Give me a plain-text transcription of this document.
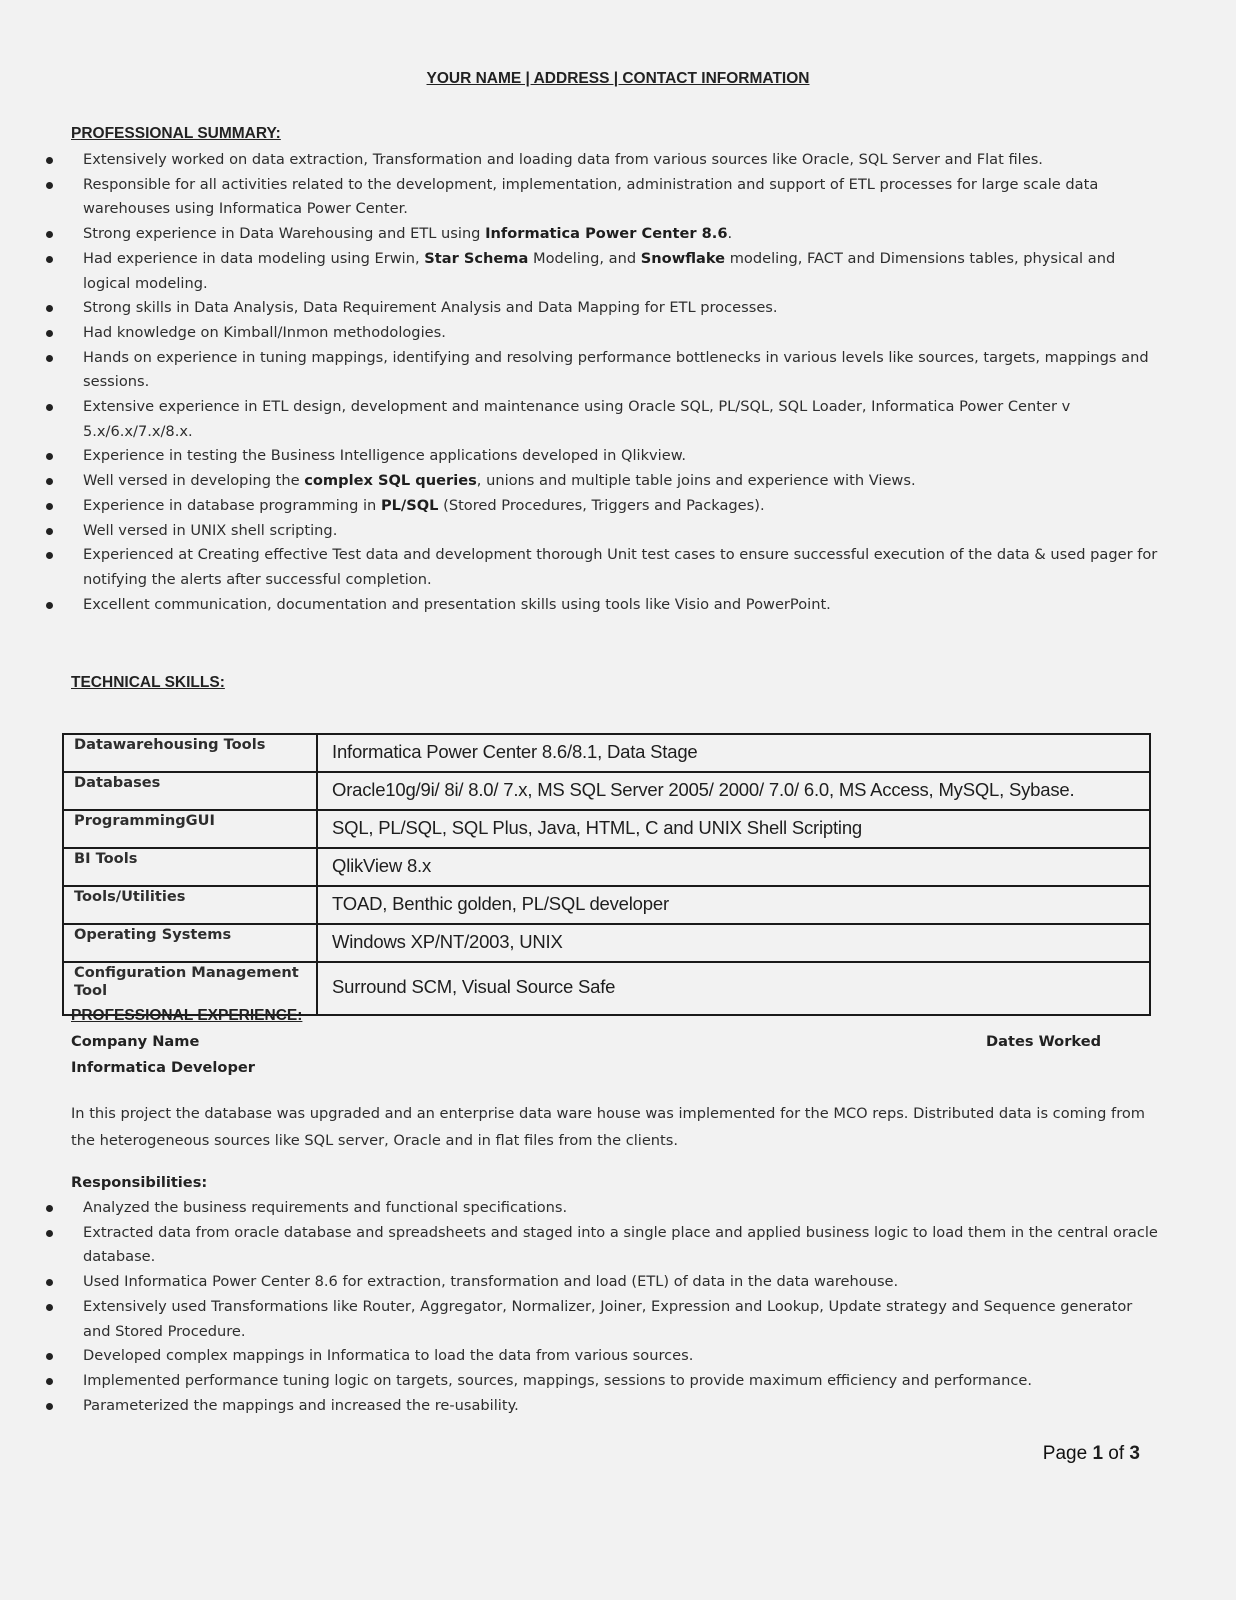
YOUR NAME | ADDRESS | CONTACT INFORMATION
PROFESSIONAL SUMMARY:
Extensively worked on data extraction, Transformation and loading data from various sources like Oracle, SQL Server and Flat files.
Responsible for all activities related to the development, implementation, administration and support of ETL processes for large scale data warehouses using Informatica Power Center.
Strong experience in Data Warehousing and ETL using Informatica Power Center 8.6.
Had experience in data modeling using Erwin, Star Schema Modeling, and Snowflake modeling, FACT and Dimensions tables, physical and logical modeling.
Strong skills in Data Analysis, Data Requirement Analysis and Data Mapping for ETL processes.
Had knowledge on Kimball/Inmon methodologies.
Hands on experience in tuning mappings, identifying and resolving performance bottlenecks in various levels like sources, targets, mappings and sessions.
Extensive experience in ETL design, development and maintenance using Oracle SQL, PL/SQL, SQL Loader, Informatica Power Center v 5.x/6.x/7.x/8.x.
Experience in testing the Business Intelligence applications developed in Qlikview.
Well versed in developing the complex SQL queries, unions and multiple table joins and experience with Views.
Experience in database programming in PL/SQL (Stored Procedures, Triggers and Packages).
Well versed in UNIX shell scripting.
Experienced at Creating effective Test data and development thorough Unit test cases to ensure successful execution of the data & used pager for notifying the alerts after successful completion.
Excellent communication, documentation and presentation skills using tools like Visio and PowerPoint.
TECHNICAL SKILLS:
Datawarehousing Tools	Informatica Power Center 8.6/8.1, Data Stage
Databases	Oracle10g/9i/ 8i/ 8.0/ 7.x, MS SQL Server 2005/ 2000/ 7.0/ 6.0, MS Access, MySQL, Sybase.
ProgrammingGUI	SQL, PL/SQL, SQL Plus, Java, HTML, C and UNIX Shell Scripting
BI Tools	QlikView 8.x
Tools/Utilities	TOAD, Benthic golden, PL/SQL developer
Operating Systems	Windows XP/NT/2003, UNIX
Configuration Management Tool	Surround SCM, Visual Source Safe
PROFESSIONAL EXPERIENCE:
Company Name	Dates Worked
Informatica Developer
In this project the database was upgraded and an enterprise data ware house was implemented for the MCO reps. Distributed data is coming from the heterogeneous sources like SQL server, Oracle and in flat files from the clients.
Responsibilities:
Analyzed the business requirements and functional specifications.
Extracted data from oracle database and spreadsheets and staged into a single place and applied business logic to load them in the central oracle database.
Used Informatica Power Center 8.6 for extraction, transformation and load (ETL) of data in the data warehouse.
Extensively used Transformations like Router, Aggregator, Normalizer, Joiner, Expression and Lookup, Update strategy and Sequence generator and Stored Procedure.
Developed complex mappings in Informatica to load the data from various sources.
Implemented performance tuning logic on targets, sources, mappings, sessions to provide maximum efficiency and performance.
Parameterized the mappings and increased the re-usability.
Page 1 of 3
